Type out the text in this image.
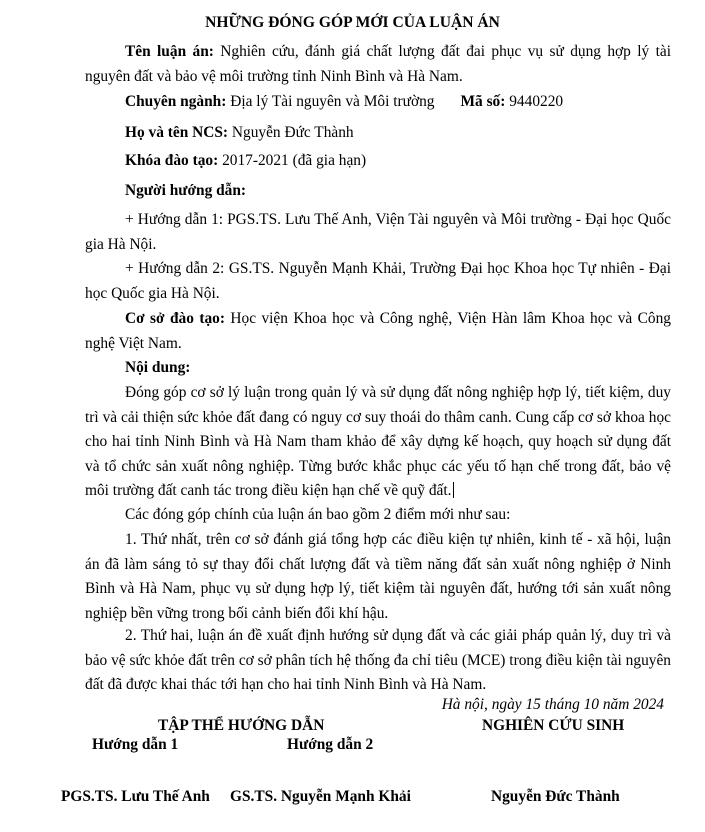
NHỮNG ĐÓNG GÓP MỚI CỦA LUẬN ÁN
Tên luận án: Nghiên cứu, đánh giá chất lượng đất đai phục vụ sử dụng hợp lý tài nguyên đất và bảo vệ môi trường tỉnh Ninh Bình và Hà Nam.
Chuyên ngành: Địa lý Tài nguyên và Môi trường Mã số: 9440220
Họ và tên NCS: Nguyễn Đức Thành
Khóa đào tạo: 2017-2021 (đã gia hạn)
Người hướng dẫn:
+ Hướng dẫn 1: PGS.TS. Lưu Thế Anh, Viện Tài nguyên và Môi trường - Đại học Quốc gia Hà Nội.
+ Hướng dẫn 2: GS.TS. Nguyễn Mạnh Khải, Trường Đại học Khoa học Tự nhiên - Đại học Quốc gia Hà Nội.
Cơ sở đào tạo: Học viện Khoa học và Công nghệ, Viện Hàn lâm Khoa học và Công nghệ Việt Nam.
Nội dung:
Đóng góp cơ sở lý luận trong quản lý và sử dụng đất nông nghiệp hợp lý, tiết kiệm, duy trì và cải thiện sức khỏe đất đang có nguy cơ suy thoái do thâm canh. Cung cấp cơ sở khoa học cho hai tỉnh Ninh Bình và Hà Nam tham khảo để xây dựng kế hoạch, quy hoạch sử dụng đất và tổ chức sản xuất nông nghiệp. Từng bước khắc phục các yếu tố hạn chế trong đất, bảo vệ môi trường đất canh tác trong điều kiện hạn chế về quỹ đất.
Các đóng góp chính của luận án bao gồm 2 điểm mới như sau:
1. Thứ nhất, trên cơ sở đánh giá tổng hợp các điều kiện tự nhiên, kinh tế - xã hội, luận án đã làm sáng tỏ sự thay đổi chất lượng đất và tiềm năng đất sản xuất nông nghiệp ở Ninh Bình và Hà Nam, phục vụ sử dụng hợp lý, tiết kiệm tài nguyên đất, hướng tới sản xuất nông nghiệp bền vững trong bối cảnh biến đổi khí hậu.
2. Thứ hai, luận án đề xuất định hướng sử dụng đất và các giải pháp quản lý, duy trì và bảo vệ sức khỏe đất trên cơ sở phân tích hệ thống đa chỉ tiêu (MCE) trong điều kiện tài nguyên đất đã được khai thác tới hạn cho hai tỉnh Ninh Bình và Hà Nam.
Hà nội, ngày 15 tháng 10 năm 2024
TẬP THỂ HƯỚNG DẪN	NGHIÊN CỨU SINH
Hướng dẫn 1	Hướng dẫn 2
PGS.TS. Lưu Thế Anh GS.TS. Nguyễn Mạnh Khải	Nguyễn Đức Thành
